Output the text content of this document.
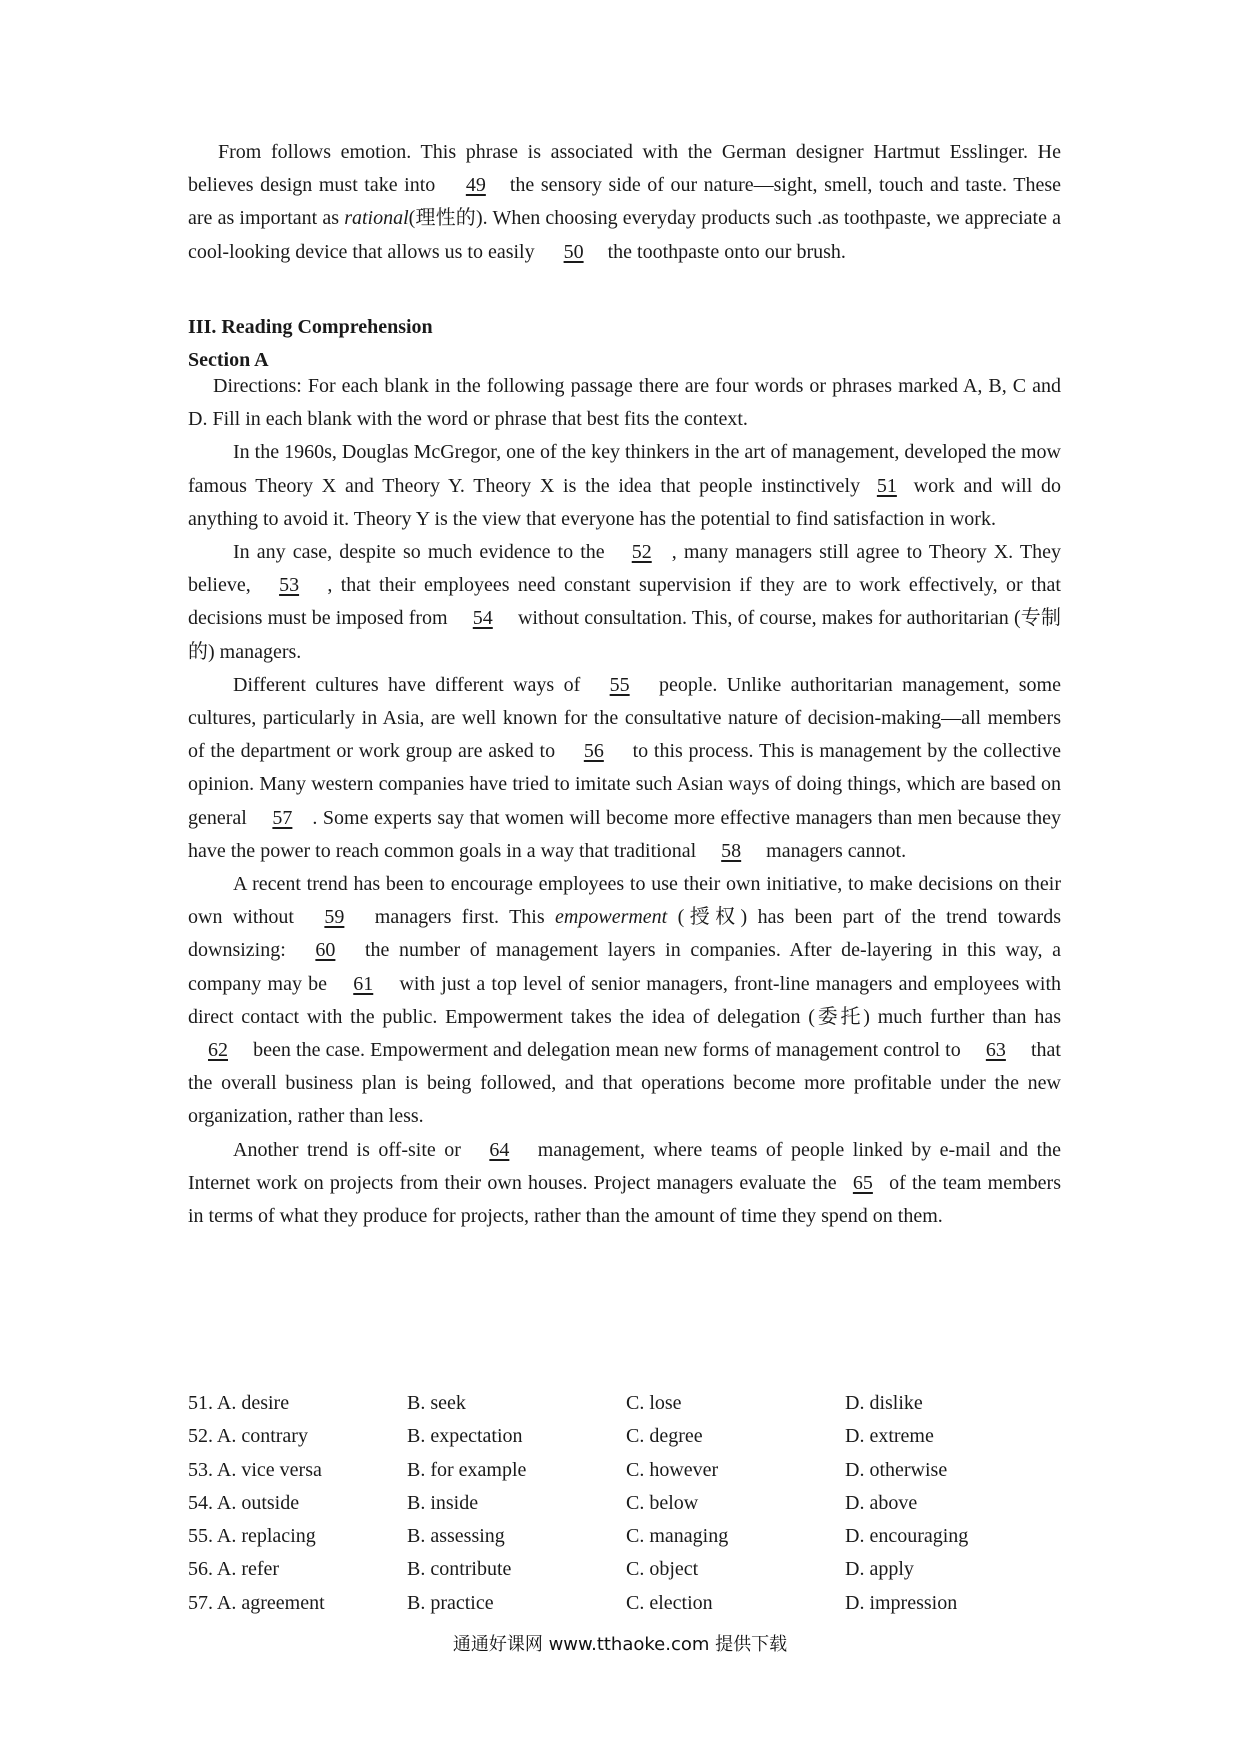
From follows emotion. This phrase is associated with the German designer Hartmut Esslinger. He believes design must take into 49 the sensory side of our nature—sight, smell, touch and taste. These are as important as rational(理性的). When choosing everyday products such .as toothpaste, we appreciate a cool-looking device that allows us to easily 50 the toothpaste onto our brush.

III. Reading Comprehension

Section A

Directions: For each blank in the following passage there are four words or phrases marked A, B, C and D. Fill in each blank with the word or phrase that best fits the context.

In the 1960s, Douglas McGregor, one of the key thinkers in the art of management, developed the mow famous Theory X and Theory Y. Theory X is the idea that people instinctively 51 work and will do anything to avoid it. Theory Y is the view that everyone has the potential to find satisfaction in work.

In any case, despite so much evidence to the 52 , many managers still agree to Theory X. They believe, 53 , that their employees need constant supervision if they are to work effectively, or that decisions must be imposed from 54 without consultation. This, of course, makes for authoritarian (专制的) managers.

Different cultures have different ways of 55 people. Unlike authoritarian management, some cultures, particularly in Asia, are well known for the consultative nature of decision-making—all members of the department or work group are asked to 56 to this process. This is management by the collective opinion. Many western companies have tried to imitate such Asian ways of doing things, which are based on general 57 . Some experts say that women will become more effective managers than men because they have the power to reach common goals in a way that traditional 58 managers cannot.

A recent trend has been to encourage employees to use their own initiative, to make decisions on their own without 59 managers first. This empowerment (授权) has been part of the trend towards downsizing: 60 the number of management layers in companies. After de-layering in this way, a company may be 61 with just a top level of senior managers, front-line managers and employees with direct contact with the public. Empowerment takes the idea of delegation (委托) much further than has 62 been the case. Empowerment and delegation mean new forms of management control to 63 that the overall business plan is being followed, and that operations become more profitable under the new organization, rather than less.

Another trend is off-site or 64 management, where teams of people linked by e-mail and the Internet work on projects from their own houses. Project managers evaluate the 65 of the team members in terms of what they produce for projects, rather than the amount of time they spend on them.

51. A. desire	B. seek	C. lose	D. dislike
52. A. contrary	B. expectation	C. degree	D. extreme
53. A. vice versa	B. for example	C. however	D. otherwise
54. A. outside	B. inside	C. below	D. above
55. A. replacing	B. assessing	C. managing	D. encouraging
56. A. refer	B. contribute	C. object	D. apply
57. A. agreement	B. practice	C. election	D. impression
通通好课网 www.tthaoke.com 提供下载
